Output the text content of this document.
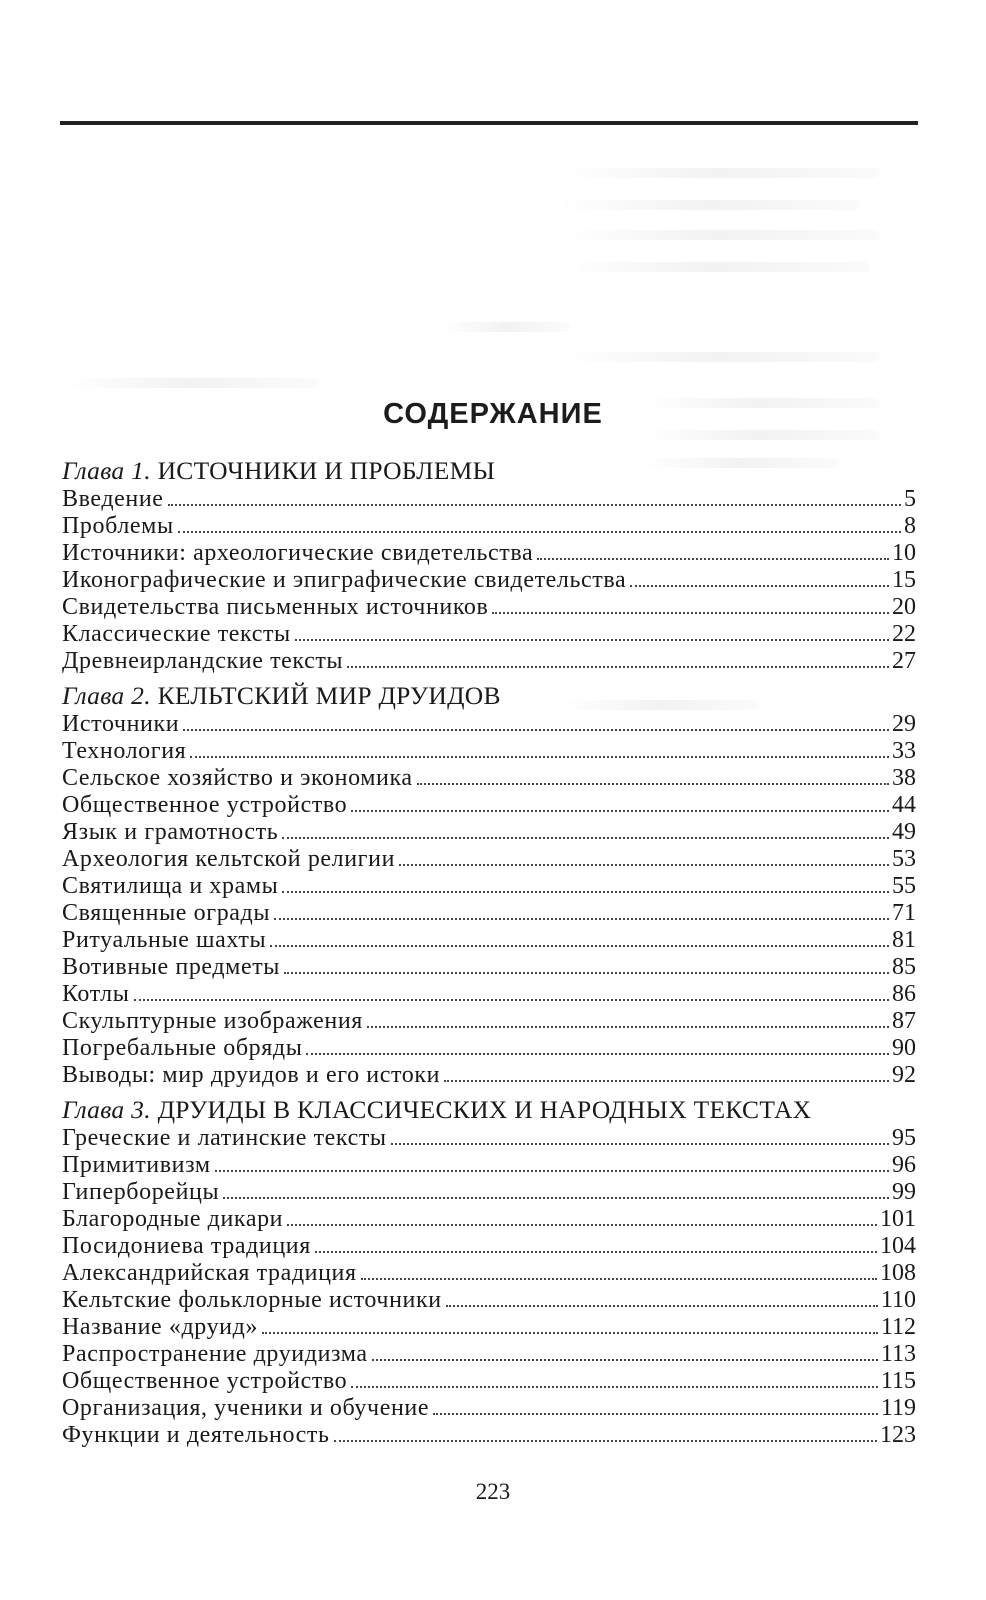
СОДЕРЖАНИЕ
Глава 1. ИСТОЧНИКИ И ПРОБЛЕМЫ
Введение	5
Проблемы	8
Источники: археологические свидетельства	10
Иконографические и эпиграфические свидетельства	15
Свидетельства письменных источников	20
Классические тексты	22
Древнеирландские тексты	27
Глава 2. КЕЛЬТСКИЙ МИР ДРУИДОВ
Источники	29
Технология	33
Сельское хозяйство и экономика	38
Общественное устройство	44
Язык и грамотность	49
Археология кельтской религии	53
Святилища и храмы	55
Священные ограды	71
Ритуальные шахты	81
Вотивные предметы	85
Котлы	86
Скульптурные изображения	87
Погребальные обряды	90
Выводы: мир друидов и его истоки	92
Глава 3. ДРУИДЫ В КЛАССИЧЕСКИХ И НАРОДНЫХ ТЕКСТАХ
Греческие и латинские тексты	95
Примитивизм	96
Гиперборейцы	99
Благородные дикари	101
Посидониева традиция	104
Александрийская традиция	108
Кельтские фольклорные источники	110
Название «друид»	112
Распространение друидизма	113
Общественное устройство	115
Организация, ученики и обучение	119
Функции и деятельность	123
223
